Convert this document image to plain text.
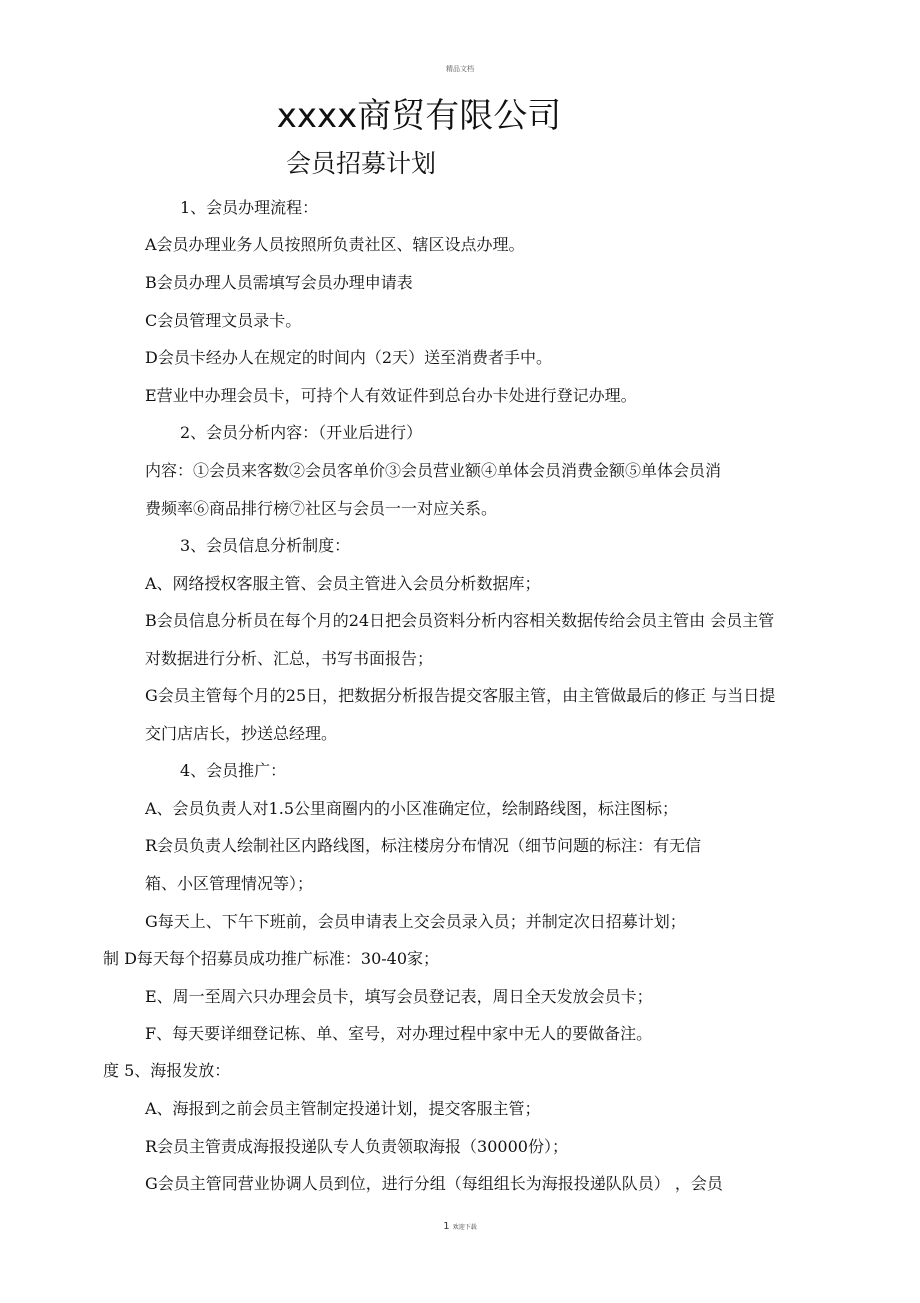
精品文档
xxxx商贸有限公司
会员招募计划
1、会员办理流程：
A会员办理业务人员按照所负责社区、辖区设点办理。
B会员办理人员需填写会员办理申请表
C会员管理文员录卡。
D会员卡经办人在规定的时间内（2天）送至消费者手中。
E营业中办理会员卡，可持个人有效证件到总台办卡处进行登记办理。
2、会员分析内容：（开业后进行）
内容：①会员来客数②会员客单价③会员营业额④单体会员消费金额⑤单体会员消
费频率⑥商品排行榜⑦社区与会员一一对应关系。
3、会员信息分析制度：
A、网络授权客服主管、会员主管进入会员分析数据库；
B会员信息分析员在每个月的24日把会员资料分析内容相关数据传给会员主管由 会员主管
对数据进行分析、汇总，书写书面报告；
G会员主管每个月的25日，把数据分析报告提交客服主管，由主管做最后的修正 与当日提
交门店店长，抄送总经理。
4、会员推广：
A、会员负责人对1.5公里商圈内的小区准确定位，绘制路线图，标注图标；
R会员负责人绘制社区内路线图，标注楼房分布情况（细节问题的标注：有无信
箱、小区管理情况等）；
G每天上、下午下班前，会员申请表上交会员录入员；并制定次日招募计划；
制 D每天每个招募员成功推广标准：30-40家；
E、周一至周六只办理会员卡，填写会员登记表，周日全天发放会员卡；
F、每天要详细登记栋、单、室号，对办理过程中家中无人的要做备注。
度 5、海报发放：
A、海报到之前会员主管制定投递计划，提交客服主管；
R会员主管责成海报投递队专人负责领取海报（30000份）；
G会员主管同营业协调人员到位，进行分组（每组组长为海报投递队队员） ，会员
1 欢迎下载
